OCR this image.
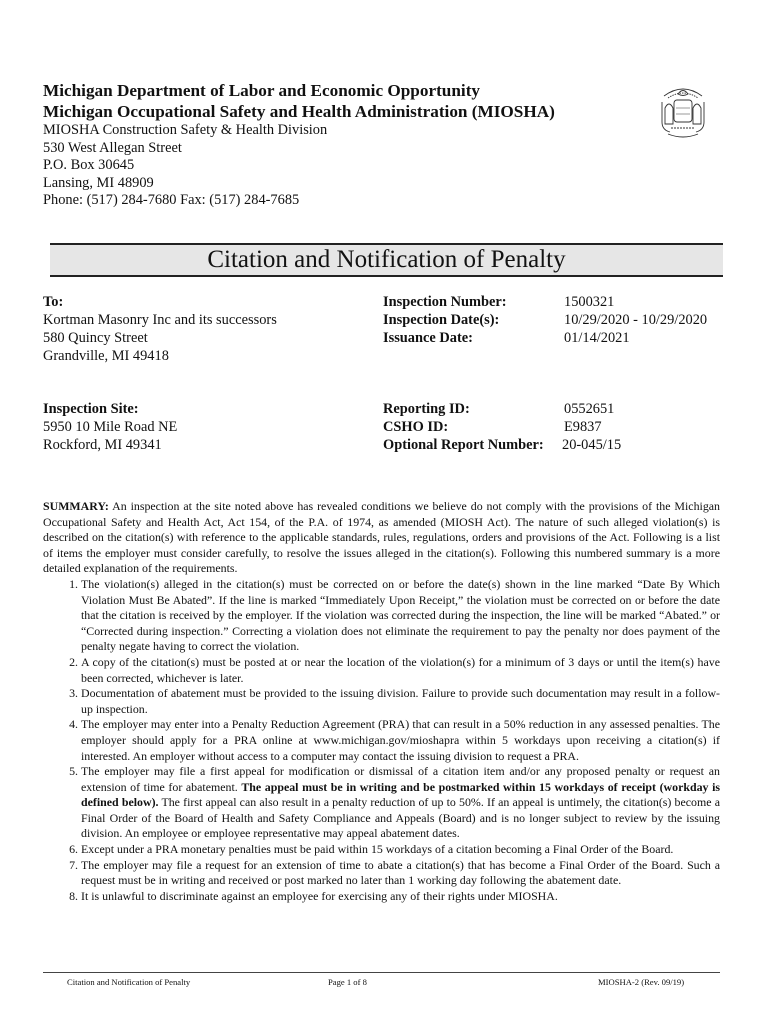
Michigan Department of Labor and Economic Opportunity
Michigan Occupational Safety and Health Administration (MIOSHA)
MIOSHA Construction Safety & Health Division
530 West Allegan Street
P.O. Box 30645
Lansing, MI 48909
Phone: (517) 284-7680 Fax: (517) 284-7685
Citation and Notification of Penalty
To:
Kortman Masonry Inc and its successors
580 Quincy Street
Grandville, MI 49418
Inspection Number:
Inspection Date(s):
Issuance Date:
1500321
10/29/2020 - 10/29/2020
01/14/2021
Inspection Site:
5950 10 Mile Road NE
Rockford, MI 49341
Reporting ID:
CSHO ID:
Optional Report Number:
0552651
E9837
20-045/15

SUMMARY: An inspection at the site noted above has revealed conditions we believe do not comply with the provisions of the Michigan Occupational Safety and Health Act, Act 154, of the P.A. of 1974, as amended (MIOSH Act). The nature of such alleged violation(s) is described on the citation(s) with reference to the applicable standards, rules, regulations, orders and provisions of the Act. Following is a list of items the employer must consider carefully, to resolve the issues alleged in the citation(s). Following this numbered summary is a more detailed explanation of the requirements.

1. The violation(s) alleged in the citation(s) must be corrected on or before the date(s) shown in the line marked “Date By Which Violation Must Be Abated”. If the line is marked “Immediately Upon Receipt,” the violation must be corrected on or before the date that the citation is received by the employer. If the violation was corrected during the inspection, the line will be marked “Abated.” or “Corrected during inspection.” Correcting a violation does not eliminate the requirement to pay the penalty nor does payment of the penalty negate having to correct the violation.
2. A copy of the citation(s) must be posted at or near the location of the violation(s) for a minimum of 3 days or until the item(s) have been corrected, whichever is later.
3. Documentation of abatement must be provided to the issuing division. Failure to provide such documentation may result in a follow-up inspection.
4. The employer may enter into a Penalty Reduction Agreement (PRA) that can result in a 50% reduction in any assessed penalties. The employer should apply for a PRA online at www.michigan.gov/mioshapra within 5 workdays upon receiving a citation(s) if interested. An employer without access to a computer may contact the issuing division to request a PRA.
5. The employer may file a first appeal for modification or dismissal of a citation item and/or any proposed penalty or request an extension of time for abatement. The appeal must be in writing and be postmarked within 15 workdays of receipt (workday is defined below). The first appeal can also result in a penalty reduction of up to 50%. If an appeal is untimely, the citation(s) become a Final Order of the Board of Health and Safety Compliance and Appeals (Board) and is no longer subject to review by the issuing division. An employee or employee representative may appeal abatement dates.
6. Except under a PRA monetary penalties must be paid within 15 workdays of a citation becoming a Final Order of the Board.
7. The employer may file a request for an extension of time to abate a citation(s) that has become a Final Order of the Board. Such a request must be in writing and received or post marked no later than 1 working day following the abatement date.
8. It is unlawful to discriminate against an employee for exercising any of their rights under MIOSHA.
Citation and Notification of Penalty	Page 1 of 8	MIOSHA-2 (Rev. 09/19)
